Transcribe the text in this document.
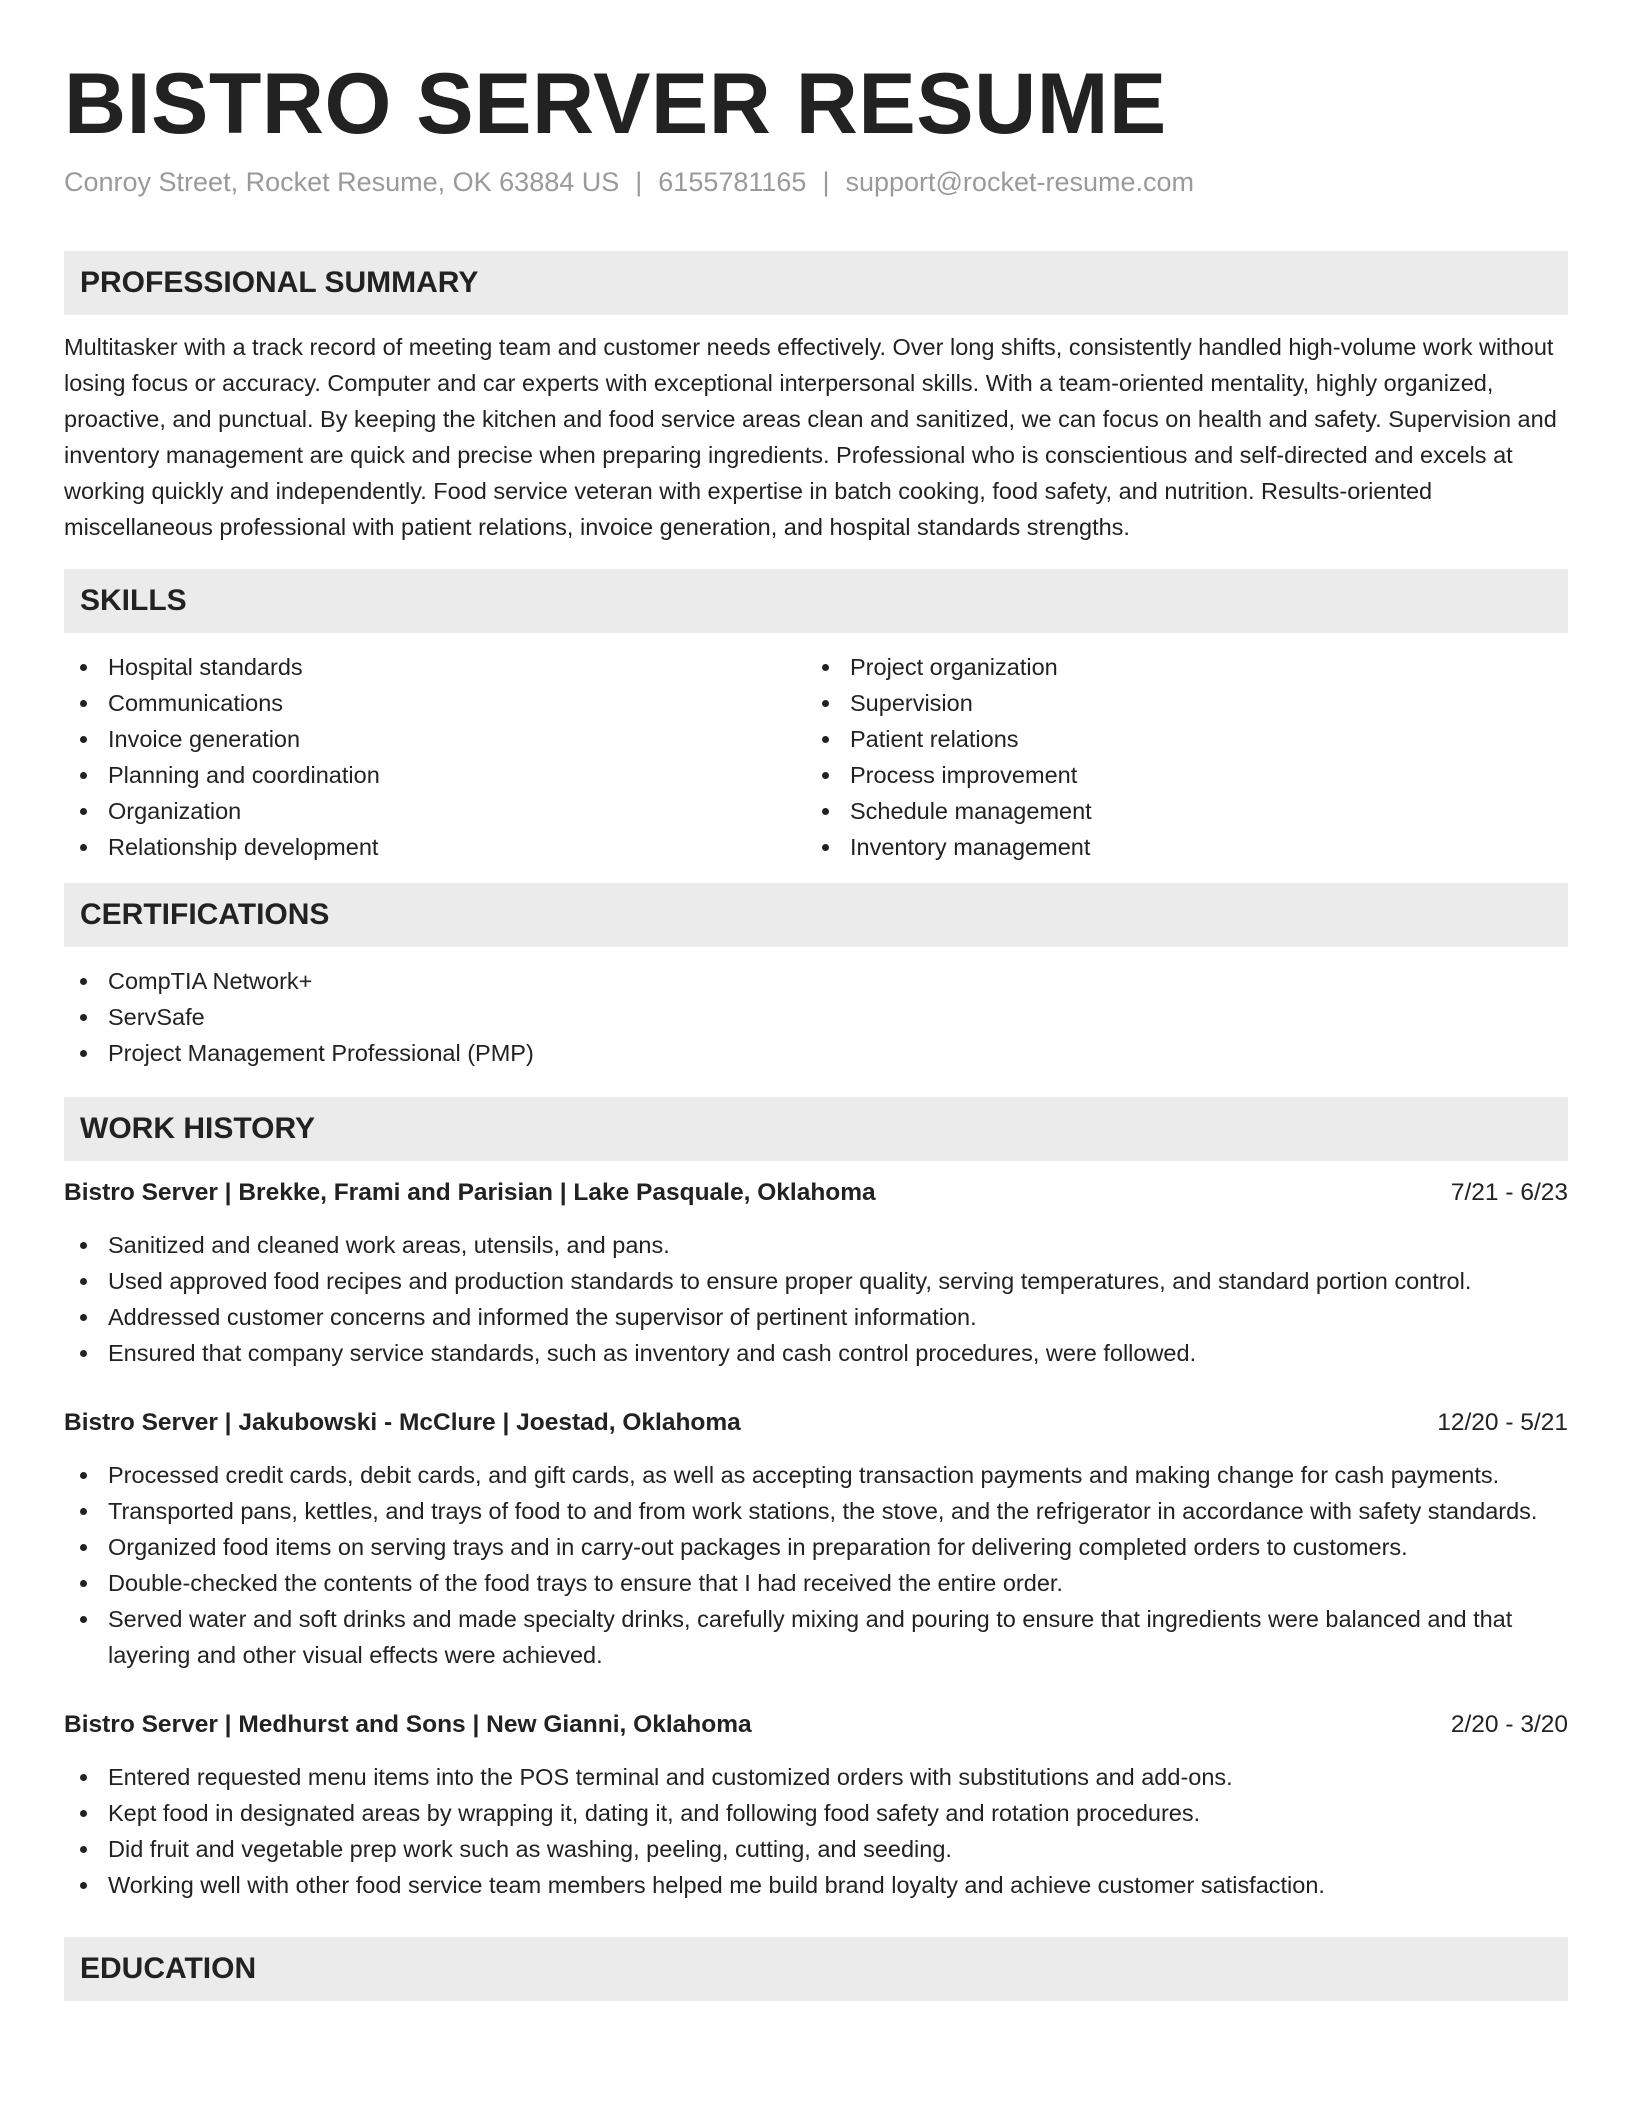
BISTRO SERVER RESUME
Conroy Street, Rocket Resume, OK 63884 US | 6155781165 | support@rocket-resume.com
PROFESSIONAL SUMMARY

Multitasker with a track record of meeting team and customer needs effectively. Over long shifts, consistently handled high-volume work without losing focus or accuracy. Computer and car experts with exceptional interpersonal skills. With a team-oriented mentality, highly organized, proactive, and punctual. By keeping the kitchen and food service areas clean and sanitized, we can focus on health and safety. Supervision and inventory management are quick and precise when preparing ingredients. Professional who is conscientious and self-directed and excels at working quickly and independently. Food service veteran with expertise in batch cooking, food safety, and nutrition. Results-oriented miscellaneous professional with patient relations, invoice generation, and hospital standards strengths.

SKILLS
Hospital standards
Communications
Invoice generation
Planning and coordination
Organization
Relationship development
Project organization
Supervision
Patient relations
Process improvement
Schedule management
Inventory management
CERTIFICATIONS
CompTIA Network+
ServSafe
Project Management Professional (PMP)
WORK HISTORY
Bistro Server | Brekke, Frami and Parisian | Lake Pasquale, Oklahoma	7/21 - 6/23
Sanitized and cleaned work areas, utensils, and pans.
Used approved food recipes and production standards to ensure proper quality, serving temperatures, and standard portion control.
Addressed customer concerns and informed the supervisor of pertinent information.
Ensured that company service standards, such as inventory and cash control procedures, were followed.
Bistro Server | Jakubowski - McClure | Joestad, Oklahoma	12/20 - 5/21
Processed credit cards, debit cards, and gift cards, as well as accepting transaction payments and making change for cash payments.
Transported pans, kettles, and trays of food to and from work stations, the stove, and the refrigerator in accordance with safety standards.
Organized food items on serving trays and in carry-out packages in preparation for delivering completed orders to customers.
Double-checked the contents of the food trays to ensure that I had received the entire order.
Served water and soft drinks and made specialty drinks, carefully mixing and pouring to ensure that ingredients were balanced and that layering and other visual effects were achieved.
Bistro Server | Medhurst and Sons | New Gianni, Oklahoma	2/20 - 3/20
Entered requested menu items into the POS terminal and customized orders with substitutions and add-ons.
Kept food in designated areas by wrapping it, dating it, and following food safety and rotation procedures.
Did fruit and vegetable prep work such as washing, peeling, cutting, and seeding.
Working well with other food service team members helped me build brand loyalty and achieve customer satisfaction.
EDUCATION
